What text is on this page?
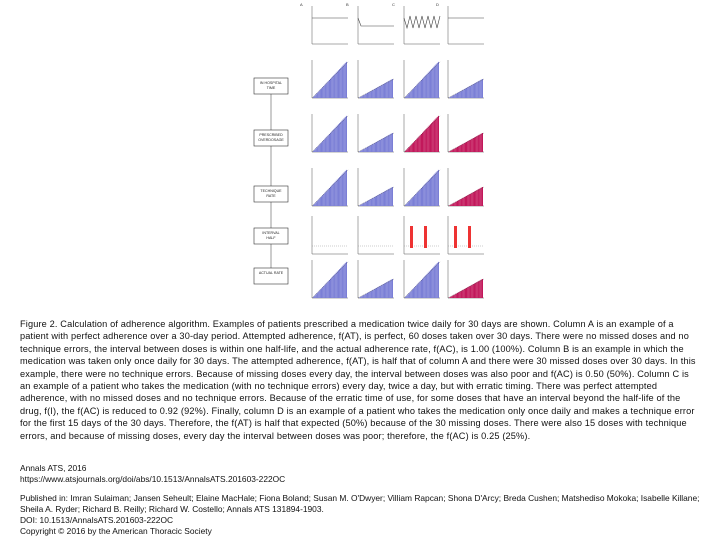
A	B	C	D
IN HOSPITAL
TIME
PRESCRIBED
OVERDOSAGE
TECHNIQUE
RATE
INTERVAL
HALF
ACTUAL RATE

Figure 2. Calculation of adherence algorithm. Examples of patients prescribed a medication twice daily for 30 days are shown. Column A is an example of a patient with perfect adherence over a 30-day period. Attempted adherence, f(AT), is perfect, 60 doses taken over 30 days. There were no missed doses and no technique errors, the interval between doses is within one half-life, and the actual adherence rate, f(AC), is 1.00 (100%). Column B is an example in which the medication was taken only once daily for 30 days. The attempted adherence, f(AT), is half that of column A and there were 30 missed doses over 30 days. In this example, there were no technique errors. Because of missing doses every day, the interval between doses was also poor and f(AC) is 0.50 (50%). Column C is an example of a patient who takes the medication (with no technique errors) every day, twice a day, but with erratic timing. There was perfect attempted adherence, with no missed doses and no technique errors. Because of the erratic time of use, for some doses that have an interval beyond the half-life of the drug, f(I), the f(AC) is reduced to 0.92 (92%). Finally, column D is an example of a patient who takes the medication only once daily and makes a technique error for the first 15 days of the 30 days. Therefore, the f(AT) is half that expected (50%) because of the 30 missing doses. There were also 15 doses with technique errors, and because of missing doses, every day the interval between doses was poor; therefore, the f(AC) is 0.25 (25%).

Annals ATS, 2016

https://www.atsjournals.org/doi/abs/10.1513/AnnalsATS.201603-222OC

Published in: Imran Sulaiman; Jansen Seheult; Elaine MacHale; Fiona Boland; Susan M. O'Dwyer; Villiam Rapcan; Shona D'Arcy; Breda Cushen; Matshediso Mokoka; Isabelle Killane; Sheila A. Ryder; Richard B. Reilly; Richard W. Costello; Annals ATS 131894-1903.

DOI: 10.1513/AnnalsATS.201603-222OC

Copyright © 2016 by the American Thoracic Society
